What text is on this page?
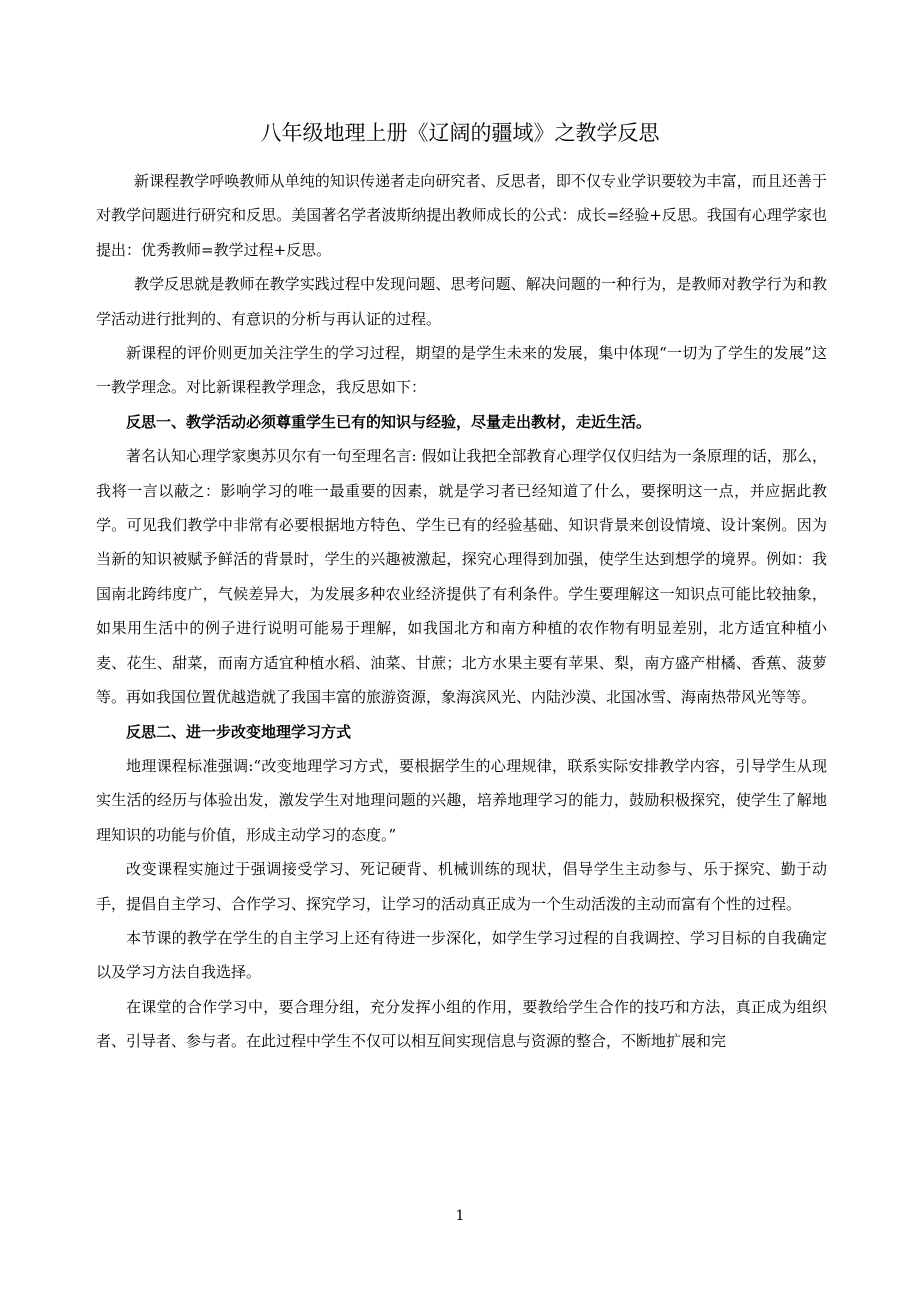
八年级地理上册《辽阔的疆域》之教学反思

新课程教学呼唤教师从单纯的知识传递者走向研究者、反思者，即不仅专业学识要较为丰富，而且还善于对教学问题进行研究和反思。美国著名学者波斯纳提出教师成长的公式：成长=经验+反思。我国有心理学家也提出：优秀教师=教学过程+反思。

教学反思就是教师在教学实践过程中发现问题、思考问题、解决问题的一种行为，是教师对教学行为和教学活动进行批判的、有意识的分析与再认证的过程。

新课程的评价则更加关注学生的学习过程，期望的是学生未来的发展，集中体现“一切为了学生的发展”这一教学理念。对比新课程教学理念，我反思如下：

反思一、教学活动必须尊重学生已有的知识与经验，尽量走出教材，走近生活。

著名认知心理学家奥苏贝尔有一句至理名言: 假如让我把全部教育心理学仅仅归结为一条原理的话，那么，我将一言以蔽之：影响学习的唯一最重要的因素，就是学习者已经知道了什么，要探明这一点，并应据此教学。可见我们教学中非常有必要根据地方特色、学生已有的经验基础、知识背景来创设情境、设计案例。因为当新的知识被赋予鲜活的背景时，学生的兴趣被激起，探究心理得到加强，使学生达到想学的境界。例如：我国南北跨纬度广，气候差异大，为发展多种农业经济提供了有利条件。学生要理解这一知识点可能比较抽象，如果用生活中的例子进行说明可能易于理解，如我国北方和南方种植的农作物有明显差别，北方适宜种植小麦、花生、甜菜，而南方适宜种植水稻、油菜、甘蔗；北方水果主要有苹果、梨，南方盛产柑橘、香蕉、菠萝等。再如我国位置优越造就了我国丰富的旅游资源，象海滨风光、内陆沙漠、北国冰雪、海南热带风光等等。

反思二、进一步改变地理学习方式

地理课程标准强调:“改变地理学习方式，要根据学生的心理规律，联系实际安排教学内容，引导学生从现实生活的经历与体验出发，激发学生对地理问题的兴趣，培养地理学习的能力，鼓励积极探究，使学生了解地理知识的功能与价值，形成主动学习的态度。”

改变课程实施过于强调接受学习、死记硬背、机械训练的现状，倡导学生主动参与、乐于探究、勤于动手，提倡自主学习、合作学习、探究学习，让学习的活动真正成为一个生动活泼的主动而富有个性的过程。

本节课的教学在学生的自主学习上还有待进一步深化，如学生学习过程的自我调控、学习目标的自我确定以及学习方法自我选择。

在课堂的合作学习中，要合理分组，充分发挥小组的作用，要教给学生合作的技巧和方法，真正成为组织者、引导者、参与者。在此过程中学生不仅可以相互间实现信息与资源的整合，不断地扩展和完

1
